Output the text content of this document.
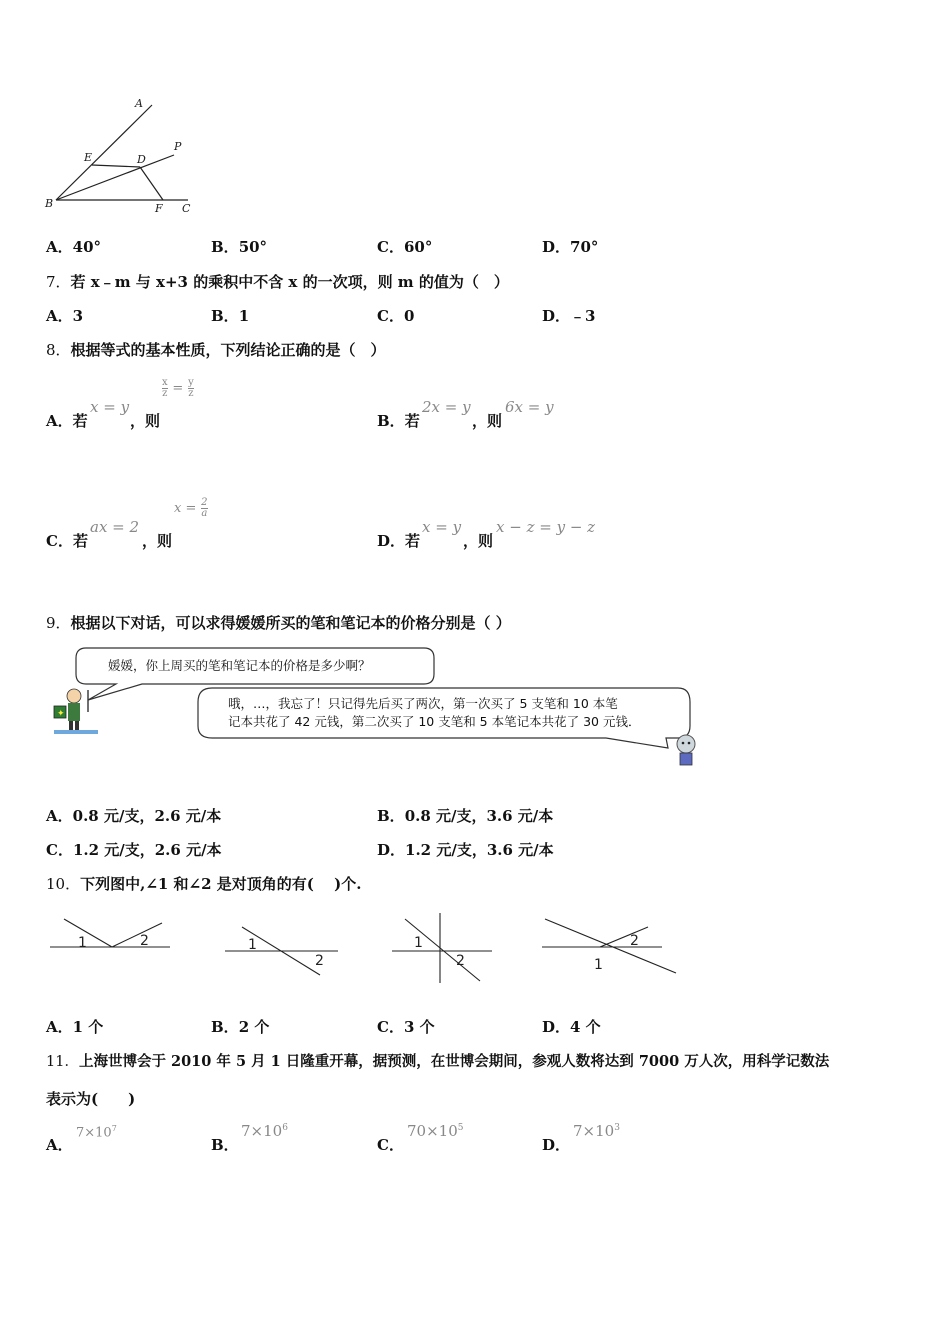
A
E	D
P
B	F C
A．40°	B．50°	C．60°	D．70°
7．若 x﹣m 与 x+3 的乘积中不含 x 的一次项，则 m 的值为（　）
A．3	B．1	C．0	D．﹣3
8．根据等式的基本性质，下列结论正确的是（　）
A．若
x = y
，则
$\frac{x}{z} = \frac{y}{z}$
B．若
2x = y
，则
6x = y
C．若
ax = 2
，则
$x = \frac{2}{a}$
D．若
x = y
，则
x − z = y − z
9．根据以下对话，可以求得媛媛所买的笔和笔记本的价格分别是（ ）
✦
媛媛，你上周买的笔和笔记本的价格是多少啊？
哦，…，我忘了！只记得先后买了两次，第一次买了 5 支笔和 10 本笔
记本共花了 42 元钱，第二次买了 10 支笔和 5 本笔记本共花了 30 元钱．
A．0.8 元/支，2.6 元/本	B．0.8 元/支，3.6 元/本
C．1.2 元/支，2.6 元/本	D．1.2 元/支，3.6 元/本
10．下列图中,∠1 和∠2 是对顶角的有(　 )个.
1	2	1
2
1
2
2
1
A．1 个	B．2 个	C．3 个	D．4 个
11．上海世博会于 2010 年 5 月 1 日隆重开幕，据预测，在世博会期间，参观人数将达到 7000 万人次，用科学记数法
表示为(　　)
A．
$7\times 10^7$
B．
$7\times 10^6$
C．
$70\times 10^5$
D．
$7\times 10^3$
